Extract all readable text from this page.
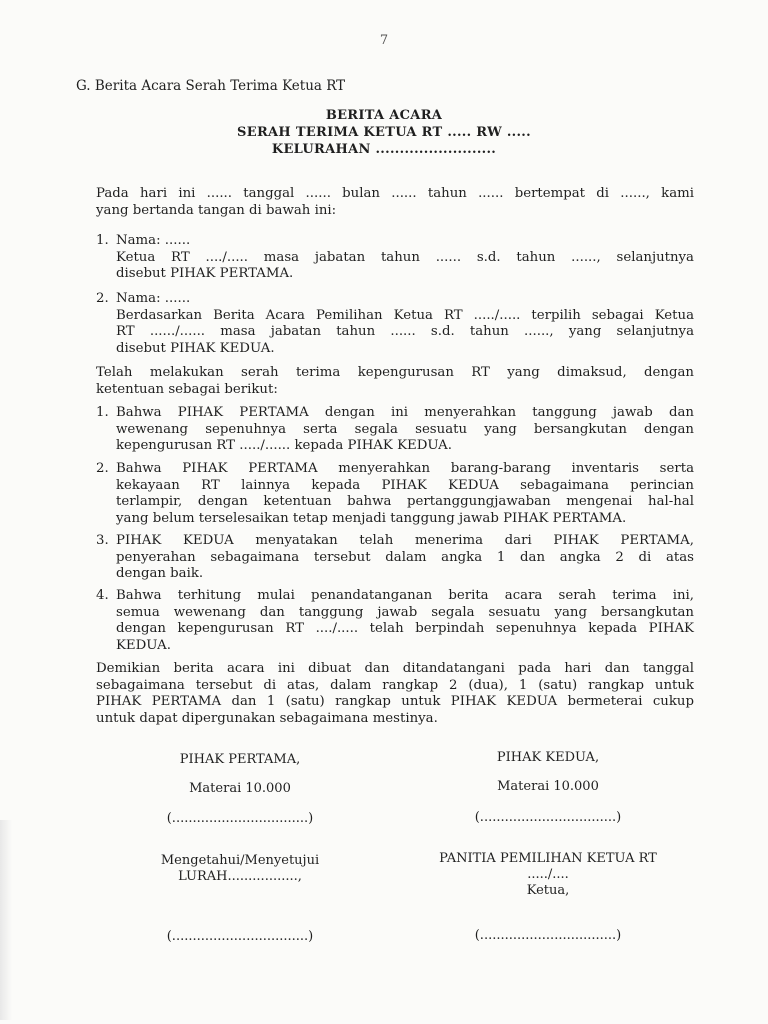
7
G. Berita Acara Serah Terima Ketua RT
BERITA ACARA
SERAH TERIMA KETUA RT ..... RW .....
KELURAHAN .........................
Pada hari ini ...... tanggal ...... bulan ...... tahun ...... bertempat di ......, kami
yang bertanda tangan di bawah ini:
1. Nama: ......
Ketua RT ..../..... masa jabatan tahun ...... s.d. tahun ......, selanjutnya
disebut PIHAK PERTAMA.
2. Nama: ......
Berdasarkan Berita Acara Pemilihan Ketua RT ...../..... terpilih sebagai Ketua
RT ....../...... masa jabatan tahun ...... s.d. tahun ......, yang selanjutnya
disebut PIHAK KEDUA.
Telah melakukan serah terima kepengurusan RT yang dimaksud, dengan
ketentuan sebagai berikut:
1. Bahwa PIHAK PERTAMA dengan ini menyerahkan tanggung jawab dan
wewenang sepenuhnya serta segala sesuatu yang bersangkutan dengan
kepengurusan RT ...../...... kepada PIHAK KEDUA.
2. Bahwa PIHAK PERTAMA menyerahkan barang-barang inventaris serta
kekayaan RT lainnya kepada PIHAK KEDUA sebagaimana perincian
terlampir, dengan ketentuan bahwa pertanggungjawaban mengenai hal-hal
yang belum terselesaikan tetap menjadi tanggung jawab PIHAK PERTAMA.
3. PIHAK KEDUA menyatakan telah menerima dari PIHAK PERTAMA,
penyerahan sebagaimana tersebut dalam angka 1 dan angka 2 di atas
dengan baik.
4. Bahwa terhitung mulai penandatanganan berita acara serah terima ini,
semua wewenang dan tanggung jawab segala sesuatu yang bersangkutan
dengan kepengurusan RT ..../..... telah berpindah sepenuhnya kepada PIHAK
KEDUA.
Demikian berita acara ini dibuat dan ditandatangani pada hari dan tanggal
sebagaimana tersebut di atas, dalam rangkap 2 (dua), 1 (satu) rangkap untuk
PIHAK PERTAMA dan 1 (satu) rangkap untuk PIHAK KEDUA bermeterai cukup
untuk dapat dipergunakan sebagaimana mestinya.
PIHAK PERTAMA,
Materai 10.000
(.................................)
PIHAK KEDUA,
Materai 10.000
(.................................)
Mengetahui/Menyetujui
LURAH.................,
(.................................)
PANITIA PEMILIHAN KETUA RT
...../....
Ketua,
(.................................)
